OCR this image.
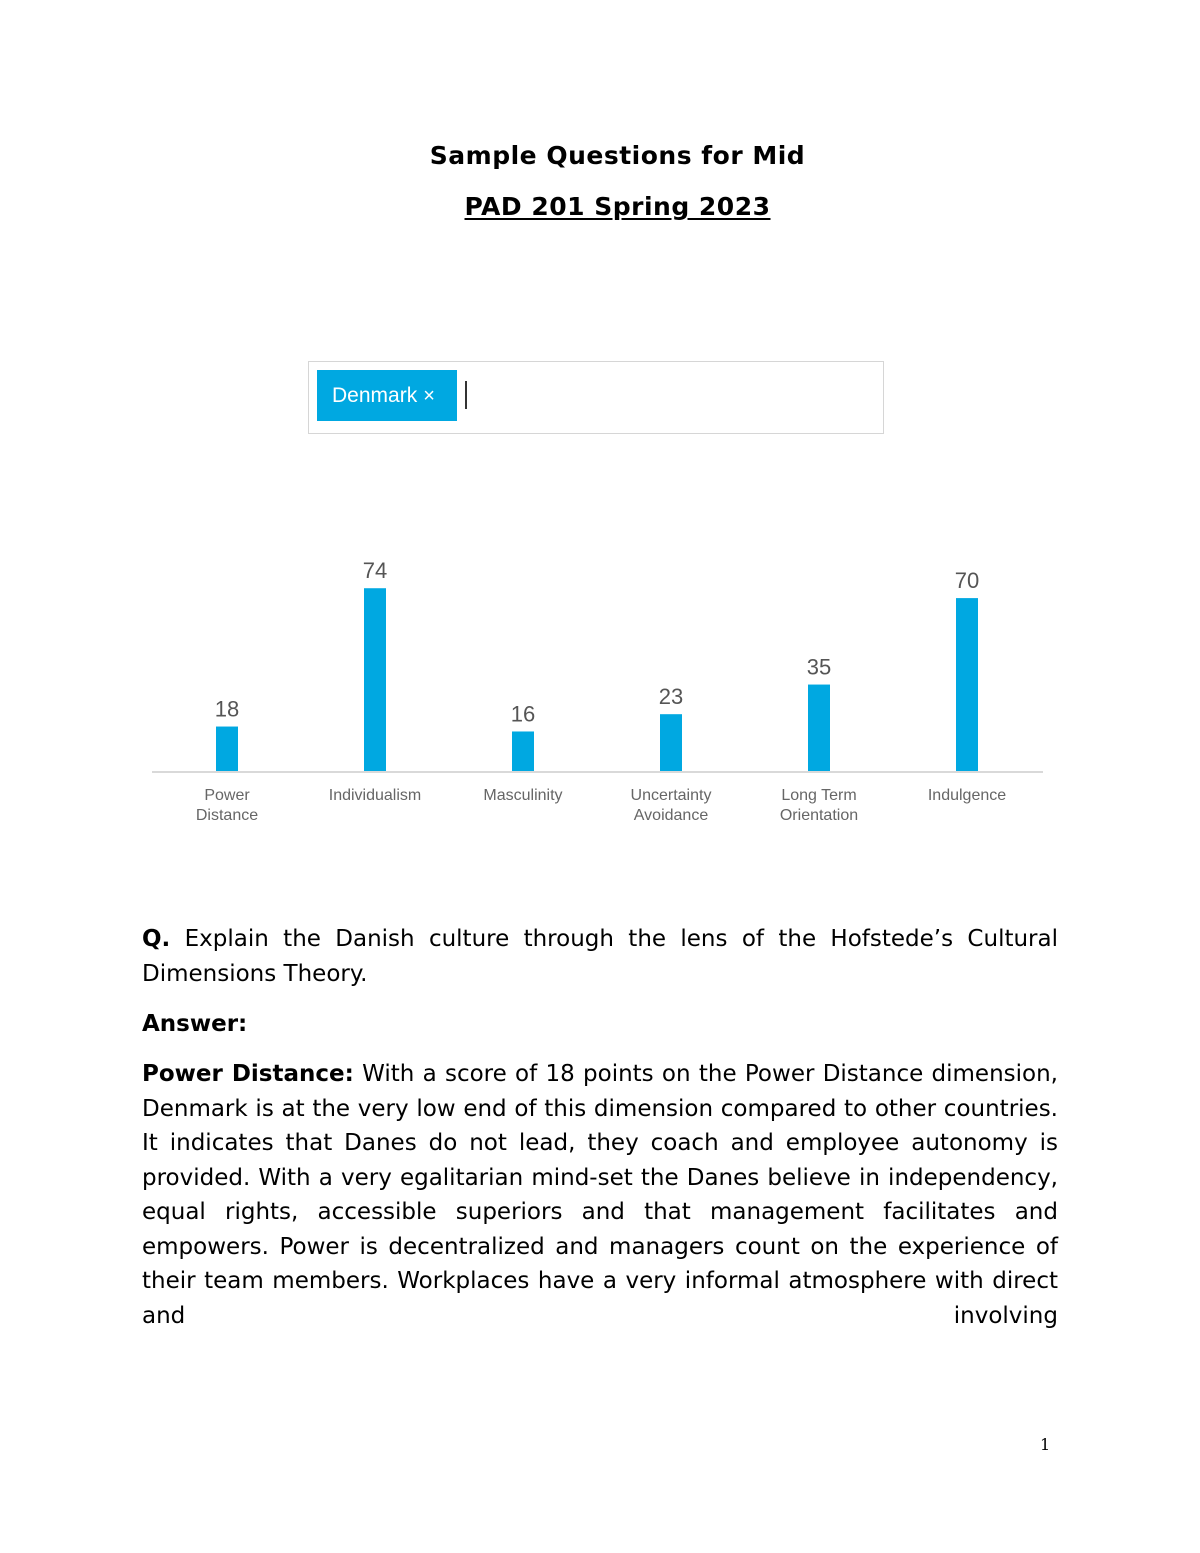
Sample Questions for Mid
PAD 201 Spring 2023
Denmark ×
18
Power
Distance
74
Individualism
16
Masculinity
23
Uncertainty
Avoidance
35
Long Term
Orientation
70
Indulgence

Q. Explain the Danish culture through the lens of the Hofstede’s Cultural Dimensions Theory.

Answer:

Power Distance: With a score of 18 points on the Power Distance dimension, Denmark is at the very low end of this dimension compared to other countries. It indicates that Danes do not lead, they coach and employee autonomy is provided. With a very egalitarian mind-set the Danes believe in independency, equal rights, accessible superiors and that management facilitates and empowers. Power is decentralized and managers count on the experience of their team members. Workplaces have a very informal atmosphere with direct and involving

1
